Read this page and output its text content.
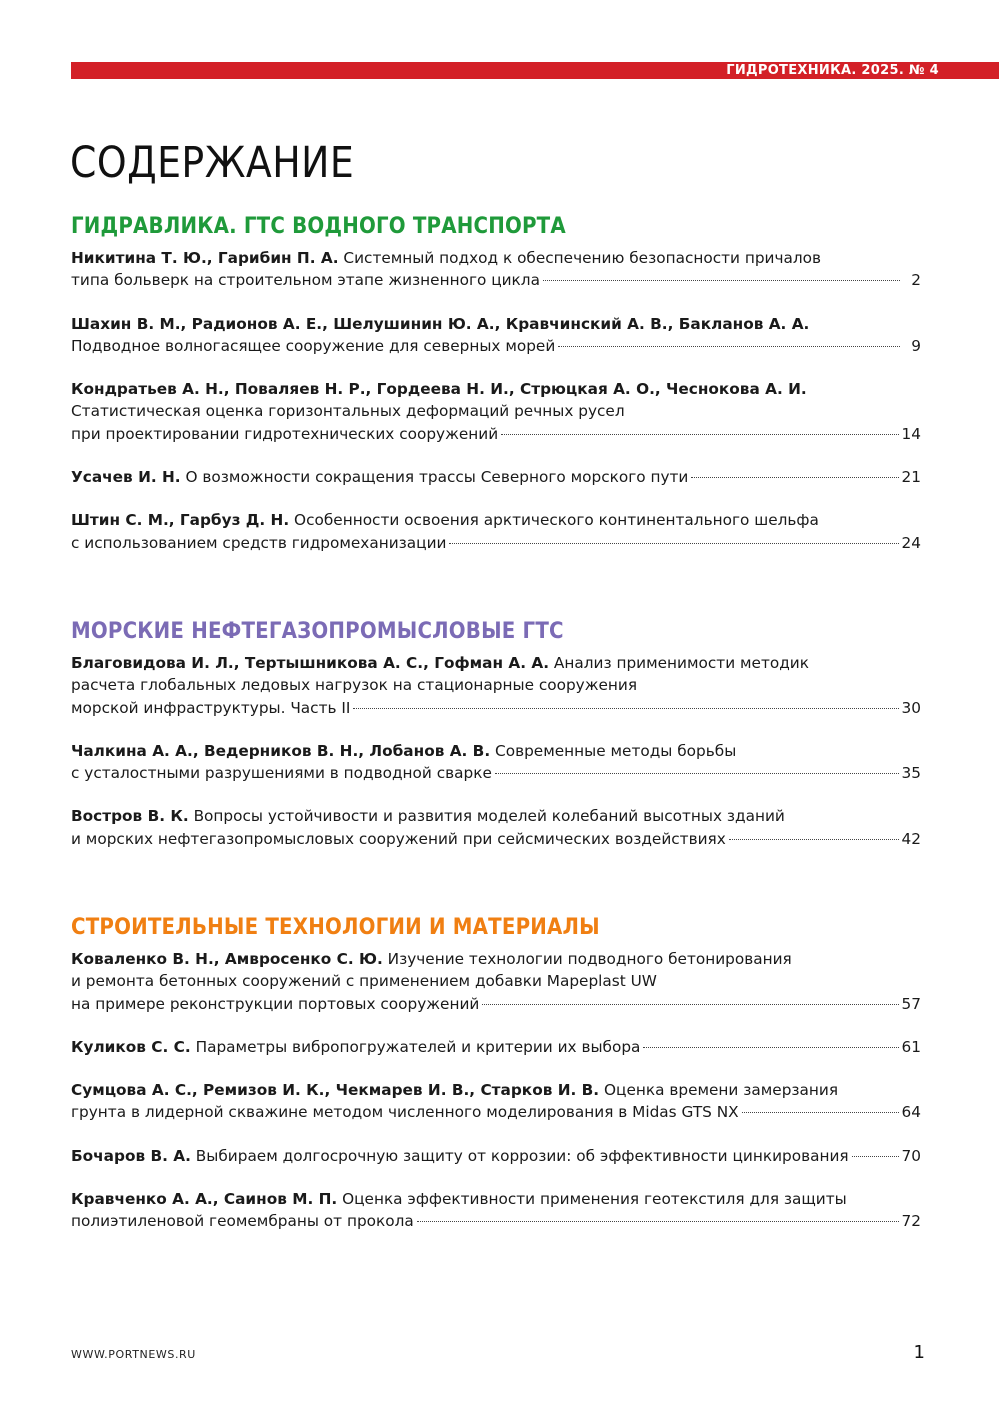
ГИДРОТЕХНИКА. 2025. № 4
СОДЕРЖАНИЕ
ГИДРАВЛИКА. ГТС ВОДНОГО ТРАНСПОРТА
Никитина Т. Ю., Гарибин П. А.
Системный подход к обеспечению безопасности причалов
типа больверк на строительном этапе жизненного цикла	2
Шахин В. М., Радионов А. Е., Шелушинин Ю. А., Кравчинский А. В., Бакланов А. А.
Подводное волногасящее сооружение для северных морей	9
Кондратьев А. Н., Поваляев Н. Р., Гордеева Н. И., Стрюцкая А. О., Чеснокова А. И.
Статистическая оценка горизонтальных деформаций речных русел
при проектировании гидротехнических сооружений	14
Усачев И. Н.
О возможности сокращения трассы Северного морского пути	21
Штин С. М., Гарбуз Д. Н.
Особенности освоения арктического континентального шельфа
с использованием средств гидромеханизации	24
МОРСКИЕ НЕФТЕГАЗОПРОМЫСЛОВЫЕ ГТС
Благовидова И. Л., Тертышникова А. С., Гофман А. А.
Анализ применимости методик
расчета глобальных ледовых нагрузок на стационарные сооружения
морской инфраструктуры. Часть II	30
Чалкина А. А., Ведерников В. Н., Лобанов А. В.
Современные методы борьбы
с усталостными разрушениями в подводной сварке	35
Востров В. К.
Вопросы устойчивости и развития моделей колебаний высотных зданий
и морских нефтегазопромысловых сооружений при сейсмических воздействиях	42
СТРОИТЕЛЬНЫЕ ТЕХНОЛОГИИ И МАТЕРИАЛЫ
Коваленко В. Н., Амвросенко С. Ю.
Изучение технологии подводного бетонирования
и ремонта бетонных сооружений с применением добавки Mapeplast UW
на примере реконструкции портовых сооружений	57
Куликов С. С.
Параметры вибропогружателей и критерии их выбора	61
Сумцова А. С., Ремизов И. К., Чекмарев И. В., Старков И. В.
Оценка времени замерзания
грунта в лидерной скважине методом численного моделирования в Midas GTS NX	64
Бочаров В. А.
Выбираем долгосрочную защиту от коррозии: об эффективности цинкирования	70
Кравченко А. А., Саинов М. П.
Оценка эффективности применения геотекстиля для защиты
полиэтиленовой геомембраны от прокола	72
WWW.PORTNEWS.RU	1
